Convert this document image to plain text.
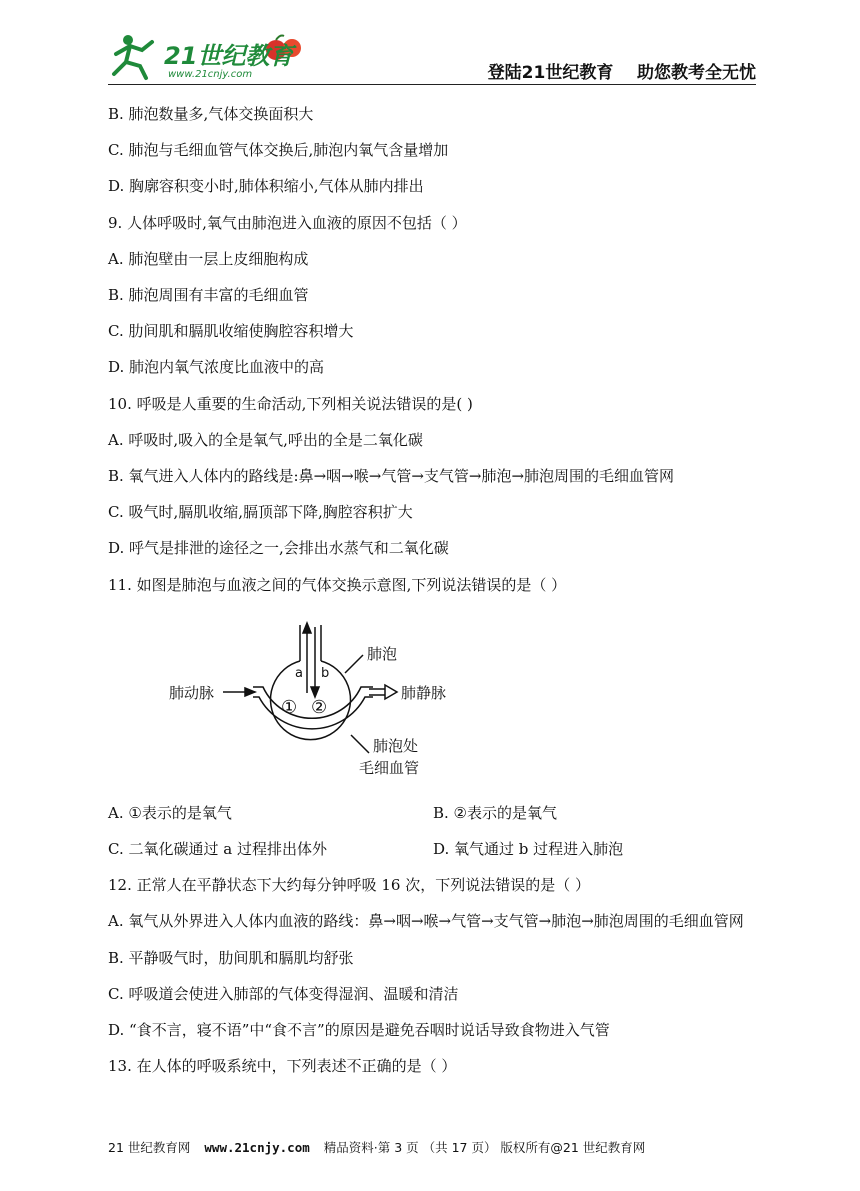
21世纪教育
www.21cnjy.com	登陆21世纪教育    助您教考全无忧
B. 肺泡数量多,气体交换面积大
C. 肺泡与毛细血管气体交换后,肺泡内氧气含量增加
D. 胸廓容积变小时,肺体积缩小,气体从肺内排出
9. 人体呼吸时,氧气由肺泡进入血液的原因不包括（ ）
A. 肺泡壁由一层上皮细胞构成
B. 肺泡周围有丰富的毛细血管
C. 肋间肌和膈肌收缩使胸腔容积增大
D. 肺泡内氧气浓度比血液中的高
10. 呼吸是人重要的生命活动,下列相关说法错误的是( )
A. 呼吸时,吸入的全是氧气,呼出的全是二氧化碳
B. 氧气进入人体内的路线是:鼻→咽→喉→气管→支气管→肺泡→肺泡周围的毛细血管网
C. 吸气时,膈肌收缩,膈顶部下降,胸腔容积扩大
D. 呼气是排泄的途径之一,会排出水蒸气和二氧化碳
11. 如图是肺泡与血液之间的气体交换示意图,下列说法错误的是（ ）
a b
① ②
肺泡
肺动脉	肺静脉
肺泡处
毛细血管
A. ①表示的是氧气	B. ②表示的是氧气
C. 二氧化碳通过 a 过程排出体外	D. 氧气通过 b 过程进入肺泡
12. 正常人在平静状态下大约每分钟呼吸 16 次，下列说法错误的是（ ）
A. 氧气从外界进入人体内血液的路线：鼻→咽→喉→气管→支气管→肺泡→肺泡周围的毛细血管网
B. 平静吸气时，肋间肌和膈肌均舒张
C. 呼吸道会使进入肺部的气体变得湿润、温暖和清洁
D. “食不言，寝不语”中“食不言”的原因是避免吞咽时说话导致食物进入气管
13. 在人体的呼吸系统中，下列表述不正确的是（ ）
21 世纪教育网 www.21cnjy.com 精品资料·第 3 页 （共 17 页） 版权所有@21 世纪教育网
